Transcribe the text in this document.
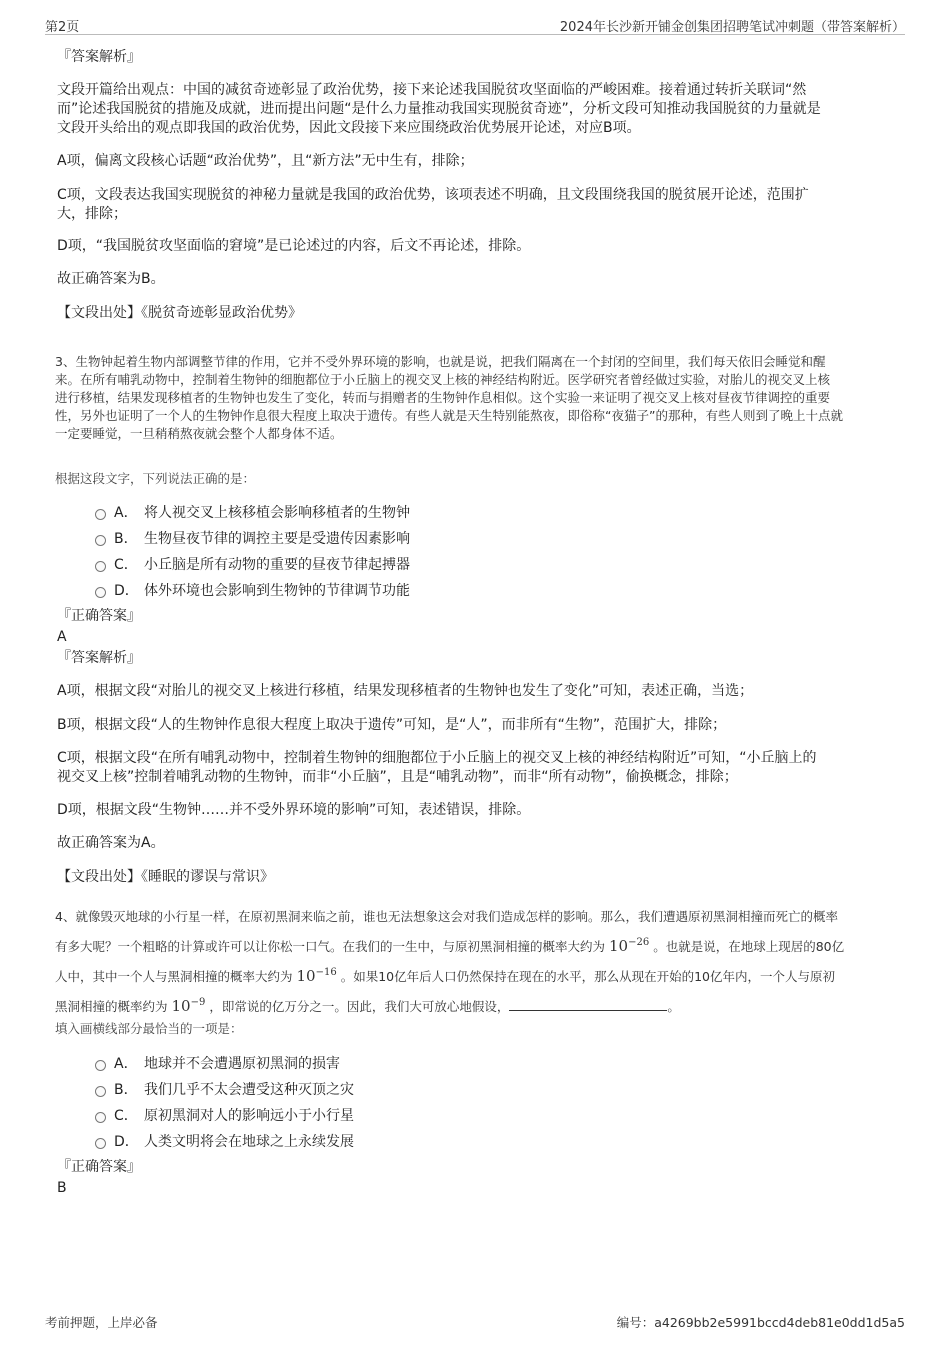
第2页	2024年长沙新开铺金创集团招聘笔试冲刺题（带答案解析）
『答案解析』
文段开篇给出观点：中国的减贫奇迹彰显了政治优势，接下来论述我国脱贫攻坚面临的严峻困难。接着通过转折关联词“然
而”论述我国脱贫的措施及成就，进而提出问题“是什么力量推动我国实现脱贫奇迹”，分析文段可知推动我国脱贫的力量就是
文段开头给出的观点即我国的政治优势，因此文段接下来应围绕政治优势展开论述，对应B项。
A项，偏离文段核心话题“政治优势”，且“新方法”无中生有，排除；
C项，文段表达我国实现脱贫的神秘力量就是我国的政治优势，该项表述不明确，且文段围绕我国的脱贫展开论述，范围扩
大，排除；
D项，“我国脱贫攻坚面临的窘境”是已论述过的内容，后文不再论述，排除。
故正确答案为B。
【文段出处】《脱贫奇迹彰显政治优势》
3、生物钟起着生物内部调整节律的作用，它并不受外界环境的影响，也就是说，把我们隔离在一个封闭的空间里，我们每天依旧会睡觉和醒
来。在所有哺乳动物中，控制着生物钟的细胞都位于小丘脑上的视交叉上核的神经结构附近。医学研究者曾经做过实验，对胎儿的视交叉上核
进行移植，结果发现移植者的生物钟也发生了变化，转而与捐赠者的生物钟作息相似。这个实验一来证明了视交叉上核对昼夜节律调控的重要
性，另外也证明了一个人的生物钟作息很大程度上取决于遗传。有些人就是天生特别能熬夜，即俗称“夜猫子”的那种，有些人则到了晚上十点就
一定要睡觉，一旦稍稍熬夜就会整个人都身体不适。
根据这段文字，下列说法正确的是：
A． 将人视交叉上核移植会影响移植者的生物钟
B． 生物昼夜节律的调控主要是受遗传因素影响
C． 小丘脑是所有动物的重要的昼夜节律起搏器
D． 体外环境也会影响到生物钟的节律调节功能
『正确答案』
A
『答案解析』
A项，根据文段“对胎儿的视交叉上核进行移植，结果发现移植者的生物钟也发生了变化”可知，表述正确，当选；
B项，根据文段“人的生物钟作息很大程度上取决于遗传”可知，是“人”，而非所有“生物”，范围扩大，排除；
C项，根据文段“在所有哺乳动物中，控制着生物钟的细胞都位于小丘脑上的视交叉上核的神经结构附近”可知，“小丘脑上的
视交叉上核”控制着哺乳动物的生物钟，而非“小丘脑”，且是“哺乳动物”，而非“所有动物”，偷换概念，排除；
D项，根据文段“生物钟……并不受外界环境的影响”可知，表述错误，排除。
故正确答案为A。
【文段出处】《睡眠的谬误与常识》
4、就像毁灭地球的小行星一样，在原初黑洞来临之前，谁也无法想象这会对我们造成怎样的影响。那么，我们遭遇原初黑洞相撞而死亡的概率
有多大呢？一个粗略的计算或许可以让你松一口气。在我们的一生中，与原初黑洞相撞的概率大约为 $10^{-26}$ 。也就是说，在地球上现居的80亿
人中，其中一个人与黑洞相撞的概率大约为 $10^{-16}$ 。如果10亿年后人口仍然保持在现在的水平，那么从现在开始的10亿年内，一个人与原初
黑洞相撞的概率约为 $10^{-9}$ ，即常说的亿万分之一。因此，我们大可放心地假设，	。
填入画横线部分最恰当的一项是：
A． 地球并不会遭遇原初黑洞的损害
B． 我们几乎不太会遭受这种灭顶之灾
C． 原初黑洞对人的影响远小于小行星
D． 人类文明将会在地球之上永续发展
『正确答案』
B
考前押题，上岸必备	编号：a4269bb2e5991bccd4deb81e0dd1d5a5
